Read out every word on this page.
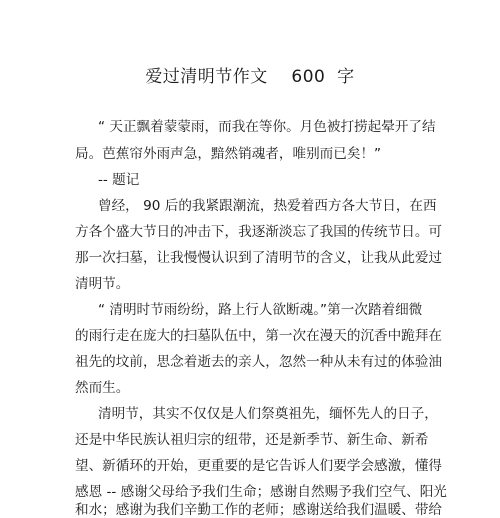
爱过清明节作文    600  字
“ 天正飘着蒙蒙雨，而我在等你。月色被打捞起晕开了结
局。芭蕉帘外雨声急，黯然销魂者，唯别而已矣！”
-- 题记
曾经， 90 后的我紧跟潮流，热爱着西方各大节日，在西
方各个盛大节日的冲击下，我逐渐淡忘了我国的传统节日。可
那一次扫墓，让我慢慢认识到了清明节的含义，让我从此爱过
清明节。
“ 清明时节雨纷纷，路上行人欲断魂。”第一次踏着细微
的雨行走在庞大的扫墓队伍中，第一次在漫天的沉香中跪拜在
祖先的坟前，思念着逝去的亲人，忽然一种从未有过的体验油
然而生。
清明节，其实不仅仅是人们祭奠祖先，缅怀先人的日子，
还是中华民族认祖归宗的纽带，还是新季节、新生命、新希
望、新循环的开始，更重要的是它告诉人们要学会感激，懂得
感恩 -- 感谢父母给予我们生命；感谢自然赐予我们空气、阳光
和水；感谢为我们辛勤工作的老师；感谢送给我们温暖、带给
